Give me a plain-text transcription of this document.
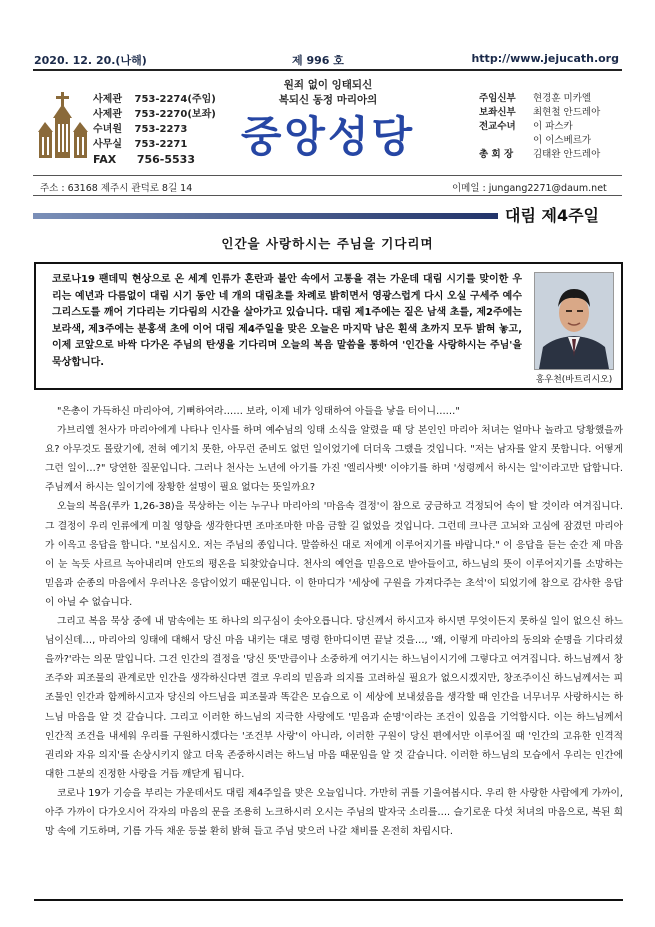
2020. 12. 20.(나해)	제 996 호	http://www.jejucath.org
사제관 753-2274(주임)
사제관 753-2270(보좌)
수녀원 753-2273
사무실 753-2271
FAX 756-5533
원죄 없이 잉태되신
복되신 동정 마리아의
중앙성당
주임신부 현경훈 미카엘
보좌신부 최현철 안드레아
전교수녀 이 파스카
이 이스베르가
총 회 장 김태완 안드레아
주소 : 63168 제주시 관덕로 8길 14	이메일 : jungang2271@daum.net
대림 제4주일
인간을 사랑하시는 주님을 기다리며
코로나19 팬데믹 현상으로 온 세계 인류가 혼란과 불안 속에서 고통을 겪는 가운데 대림 시기를 맞이한 우리는 예년과 다름없이 대림 시기 동안 네 개의 대림초를 차례로 밝히면서 영광스럽게 다시 오실 구세주 예수 그리스도를 깨어 기다리는 기다림의 시간을 살아가고 있습니다. 대림 제1주에는 짙은 남색 초를, 제2주에는 보라색, 제3주에는 분홍색 초에 이어 대림 제4주일을 맞은 오늘은 마지막 남은 흰색 초까지 모두 밝혀 놓고, 이제 코앞으로 바싹 다가온 주님의 탄생을 기다리며 오늘의 복음 말씀을 통하여 '인간을 사랑하시는 주님'을 묵상합니다.
홍우천(바트리시오)

"은총이 가득하신 마리아여, 기뻐하여라…… 보라, 이제 네가 잉태하여 아들을 낳을 터이니……"

가브리엘 천사가 마리아에게 나타나 인사를 하며 예수님의 잉태 소식을 알렸을 때 당 본인인 마리아 처녀는 얼마나 놀라고 당황했을까요? 아무것도 몰랐기에, 전혀 예기치 못한, 아무런 준비도 없던 일이었기에 더더욱 그랬을 것입니다. "저는 남자를 알지 못합니다. 어떻게 그런 일이…?" 당연한 질문입니다. 그러나 천사는 노년에 아기를 가진 '엘리사벳' 이야기를 하며 '성령께서 하시는 일'이라고만 답합니다. 주님께서 하시는 일이기에 장황한 설명이 필요 없다는 뜻일까요?

오늘의 복음(루카 1,26-38)을 묵상하는 이는 누구나 마리아의 '마음속 결정'이 참으로 궁금하고 걱정되어 속이 탈 것이라 여겨집니다. 그 결정이 우리 인류에게 미칠 영향을 생각한다면 조마조마한 마음 금할 길 없었을 것입니다. 그런데 크나큰 고뇌와 고심에 잠겼던 마리아가 이윽고 응답을 합니다. "보십시오. 저는 주님의 종입니다. 말씀하신 대로 저에게 이루어지기를 바랍니다." 이 응답을 듣는 순간 제 마음이 눈 녹듯 사르르 녹아내리며 안도의 평온을 되찾았습니다. 천사의 예언을 믿음으로 받아들이고, 하느님의 뜻이 이루어지기를 소망하는 믿음과 순종의 마음에서 우러나온 응답이었기 때문입니다. 이 한마디가 '세상에 구원을 가져다주는 초석'이 되었기에 참으로 감사한 응답이 아닐 수 없습니다.

그리고 복음 묵상 중에 내 맘속에는 또 하나의 의구심이 솟아오릅니다. 당신께서 하시고자 하시면 무엇이든지 못하실 일이 없으신 하느님이신데…, 마리아의 잉태에 대해서 당신 마음 내키는 대로 명령 한마디이면 끝날 것을…, '왜, 이렇게 마리아의 동의와 순명을 기다리셨을까?'라는 의문 말입니다. 그건 인간의 결정을 '당신 뜻'만큼이나 소중하게 여기시는 하느님이시기에 그렇다고 여겨집니다. 하느님께서 창조주와 피조물의 관계로만 인간을 생각하신다면 결코 우리의 믿음과 의지를 고려하실 필요가 없으시겠지만, 창조주이신 하느님께서는 피조물인 인간과 함께하시고자 당신의 아드님을 피조물과 똑같은 모습으로 이 세상에 보내셨음을 생각할 때 인간을 너무너무 사랑하시는 하느님 마음을 알 것 같습니다. 그리고 이러한 하느님의 지극한 사랑에도 '믿음과 순명'이라는 조건이 있음을 기억합시다. 이는 하느님께서 인간적 조건을 내세워 우리를 구원하시겠다는 '조건부 사랑'이 아니라, 이러한 구원이 당신 편에서만 이루어질 때 '인간의 고유한 인격적 권리와 자유 의지'를 손상시키지 않고 더욱 존중하시려는 하느님 마음 때문임을 알 것 같습니다. 이러한 하느님의 모습에서 우리는 인간에 대한 그분의 진정한 사랑을 거듭 깨닫게 됩니다.

코로나 19가 기승을 부리는 가운데서도 대림 제4주일을 맞은 오늘입니다. 가만히 귀를 기울여봅시다. 우리 한 사랑한 사람에게 가까이, 아주 가까이 다가오시어 각자의 마음의 문을 조용히 노크하시러 오시는 주님의 발자국 소리를…. 슬기로운 다섯 처녀의 마음으로, 복된 희망 속에 기도하며, 기름 가득 채운 등불 환히 밝혀 들고 주님 맞으러 나갈 채비를 온전히 차립시다.
